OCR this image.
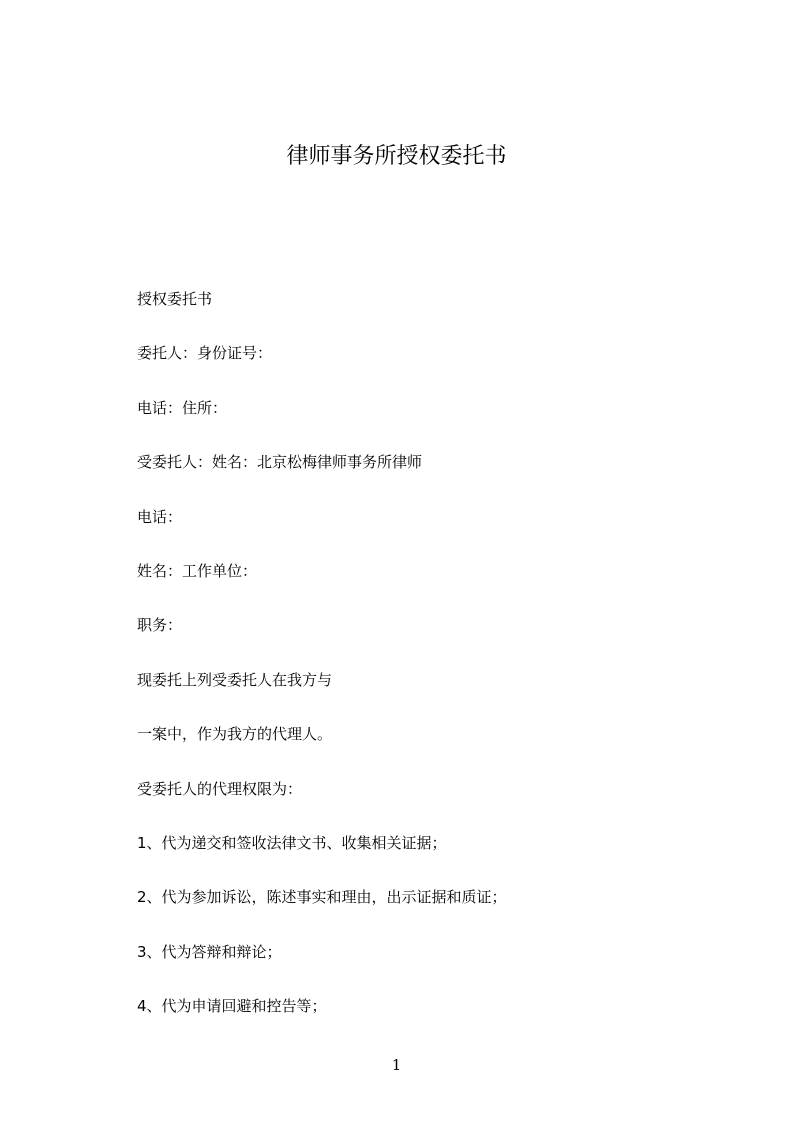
律师事务所授权委托书
授权委托书
委托人：身份证号：
电话：住所：
受委托人：姓名：北京松梅律师事务所律师
电话：
姓名：工作单位：
职务：
现委托上列受委托人在我方与
一案中，作为我方的代理人。
受委托人的代理权限为：
1、代为递交和签收法律文书、收集相关证据；
2、代为参加诉讼，陈述事实和理由，出示证据和质证；
3、代为答辩和辩论；
4、代为申请回避和控告等；
1
